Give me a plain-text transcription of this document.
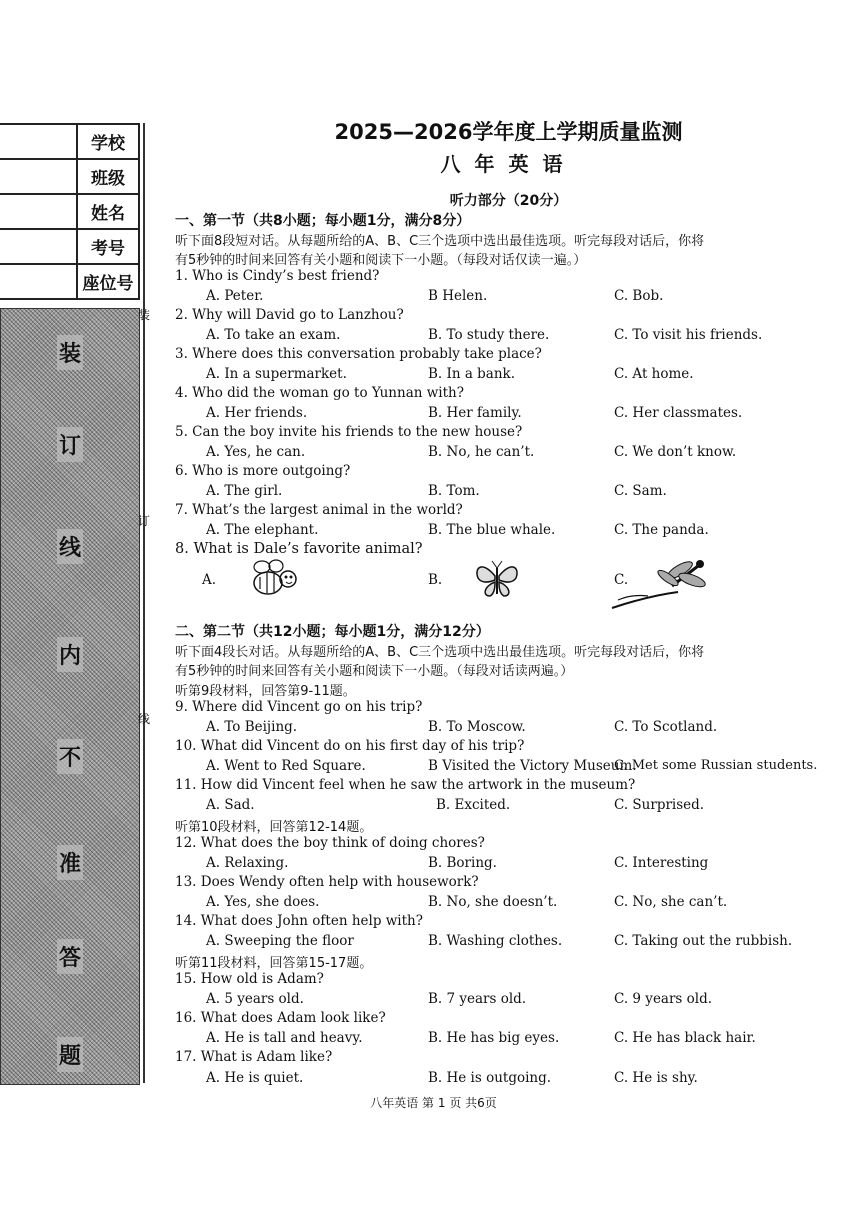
	学校
	班级
	姓名
	考号
	座位号
装
订
线
内
不
准
答
题
装
订
线
2025—2026学年度上学期质量监测
八年英语
听力部分（20分）
一、第一节（共8小题；每小题1分，满分8分）
听下面8段短对话。从每题所给的A、B、C三个选项中选出最佳选项。听完每段对话后，你将
有5秒钟的时间来回答有关小题和阅读下一小题。（每段对话仅读一遍。）
1. Who is Cindy’s best friend?
A. Peter.	B Helen.	C. Bob.
2. Why will David go to Lanzhou?
A. To take an exam.	B. To study there.	C. To visit his friends.
3. Where does this conversation probably take place?
A. In a supermarket.	B. In a bank.	C. At home.
4. Who did the woman go to Yunnan with?
A. Her friends.	B. Her family.	C. Her classmates.
5. Can the boy invite his friends to the new house?
A. Yes, he can.	B. No, he can’t.	C. We don’t know.
6. Who is more outgoing?
A. The girl.	B. Tom.	C. Sam.
7. What’s the largest animal in the world?
A. The elephant.	B. The blue whale.	C. The panda.
8. What is Dale’s favorite animal?
A.	B.	C.
二、第二节（共12小题；每小题1分，满分12分）
听下面4段长对话。从每题所给的A、B、C三个选项中选出最佳选项。听完每段对话后，你将
有5秒钟的时间来回答有关小题和阅读下一小题。（每段对话读两遍。）
听第9段材料，回答第9-11题。
9. Where did Vincent go on his trip?
A. To Beijing.	B. To Moscow.	C. To Scotland.
10. What did Vincent do on his first day of his trip?
A. Went to Red Square.	B Visited the Victory Museum.
C. Met some Russian students.
11. How did Vincent feel when he saw the artwork in the museum?
A. Sad.	B. Excited.	C. Surprised.
听第10段材料，回答第12-14题。
12. What does the boy think of doing chores?
A. Relaxing.	B. Boring.	C. Interesting
13. Does Wendy often help with housework?
A. Yes, she does.	B. No, she doesn’t.	C. No, she can’t.
14. What does John often help with?
A. Sweeping the floor	B. Washing clothes.	C. Taking out the rubbish.
听第11段材料，回答第15-17题。
15. How old is Adam?
A. 5 years old.	B. 7 years old.	C. 9 years old.
16. What does Adam look like?
A. He is tall and heavy.	B. He has big eyes.	C. He has black hair.
17. What is Adam like?
A. He is quiet.	B. He is outgoing.	C. He is shy.
八年英语 第 1 页 共6页
